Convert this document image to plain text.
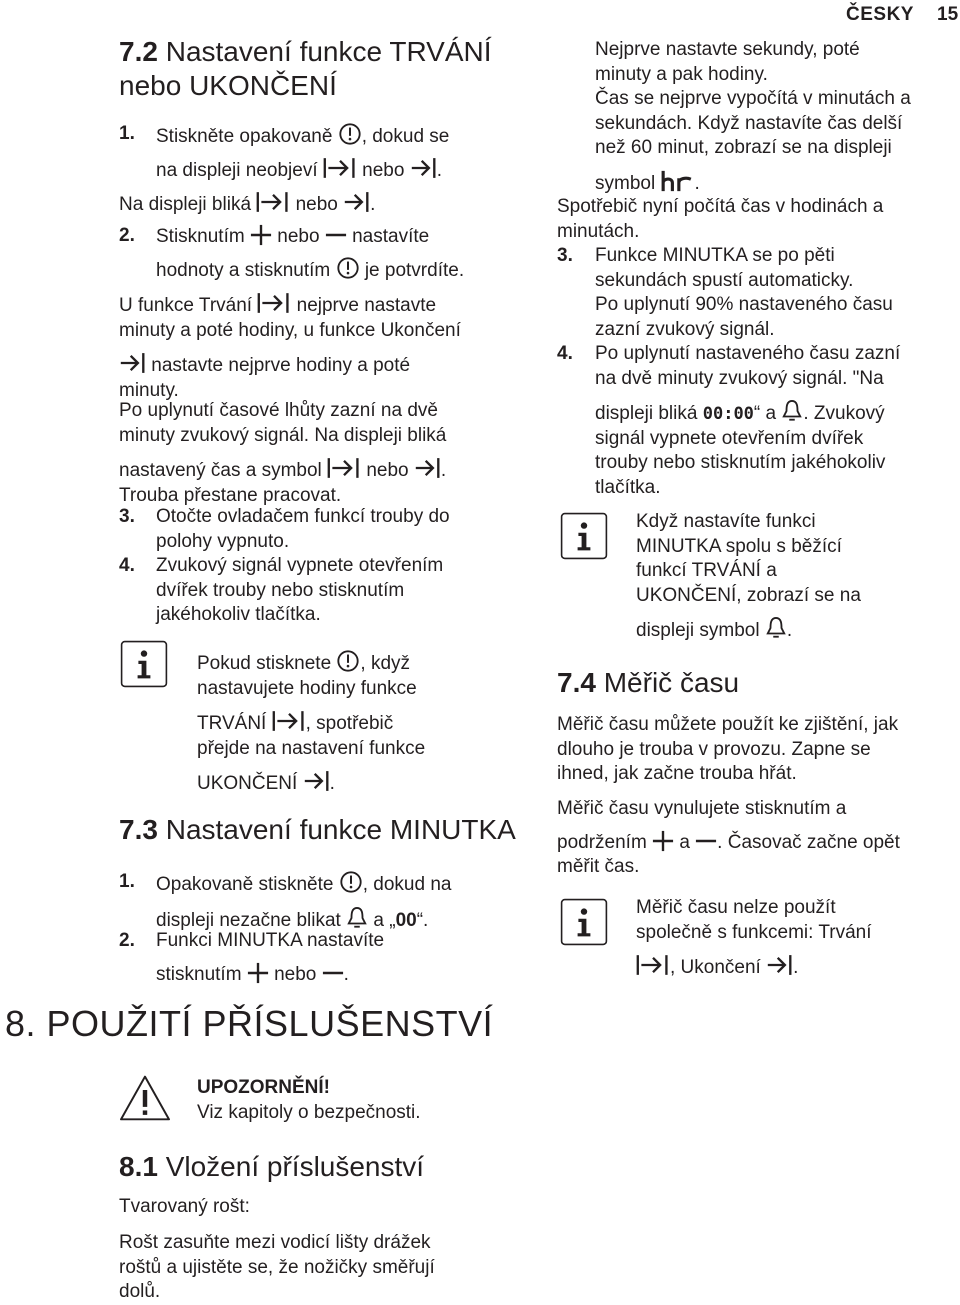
ČESKY 15
7.2 Nastavení funkce TRVÁNÍ
nebo UKONČENÍ
1. Stiskněte opakovaně
, dokud se
na displeji neobjeví
nebo
.
Na displeji bliká
nebo
.
2. Stisknutím
nebo
nastavíte
hodnoty a stisknutím
je potvrdíte.
U funkce Trvání
nejprve nastavte
minuty a poté hodiny, u funkce Ukončení
nastavte nejprve hodiny a poté
minuty.
Po uplynutí časové lhůty zazní na dvě
minuty zvukový signál. Na displeji bliká
nastavený čas a symbol
nebo
.
Trouba přestane pracovat.
3. Otočte ovladačem funkcí trouby do
polohy vypnuto.
4. Zvukový signál vypnete otevřením
dvířek trouby nebo stisknutím
jakéhokoliv tlačítka.
Pokud stisknete
, když
nastavujete hodiny funkce
TRVÁNÍ
, spotřebič
přejde na nastavení funkce
UKONČENÍ
.
7.3 Nastavení funkce MINUTKA
1. Opakovaně stiskněte
, dokud na
displeji nezačne blikat
a „00“.
2. Funkci MINUTKA nastavíte
stisknutím
nebo
.
8. POUŽITÍ PŘÍSLUŠENSTVÍ
UPOZORNĚNÍ!
Viz kapitoly o bezpečnosti.
8.1 Vložení příslušenství
Tvarovaný rošt:
Rošt zasuňte mezi vodicí lišty drážek
roštů a ujistěte se, že nožičky směřují
dolů.
Nejprve nastavte sekundy, poté
minuty a pak hodiny.
Čas se nejprve vypočítá v minutách a
sekundách. Když nastavíte čas delší
než 60 minut, zobrazí se na displeji
symbol
.
Spotřebič nyní počítá čas v hodinách a
minutách.
3. Funkce MINUTKA se po pěti
sekundách spustí automaticky.
Po uplynutí 90% nastaveného času
zazní zvukový signál.
4. Po uplynutí nastaveného času zazní
na dvě minuty zvukový signál. "Na
displeji bliká 00:00“ a
. Zvukový
signál vypnete otevřením dvířek
trouby nebo stisknutím jakéhokoliv
tlačítka.
Když nastavíte funkci
MINUTKA spolu s běžící
funkcí TRVÁNÍ a
UKONČENÍ, zobrazí se na
displeji symbol
.
7.4 Měřič času
Měřič času můžete použít ke zjištění, jak
dlouho je trouba v provozu. Zapne se
ihned, jak začne trouba hřát.
Měřič času vynulujete stisknutím a
podržením
a
. Časovač začne opět
měřit čas.
Měřič času nelze použít
společně s funkcemi: Trvání
, Ukončení
.
